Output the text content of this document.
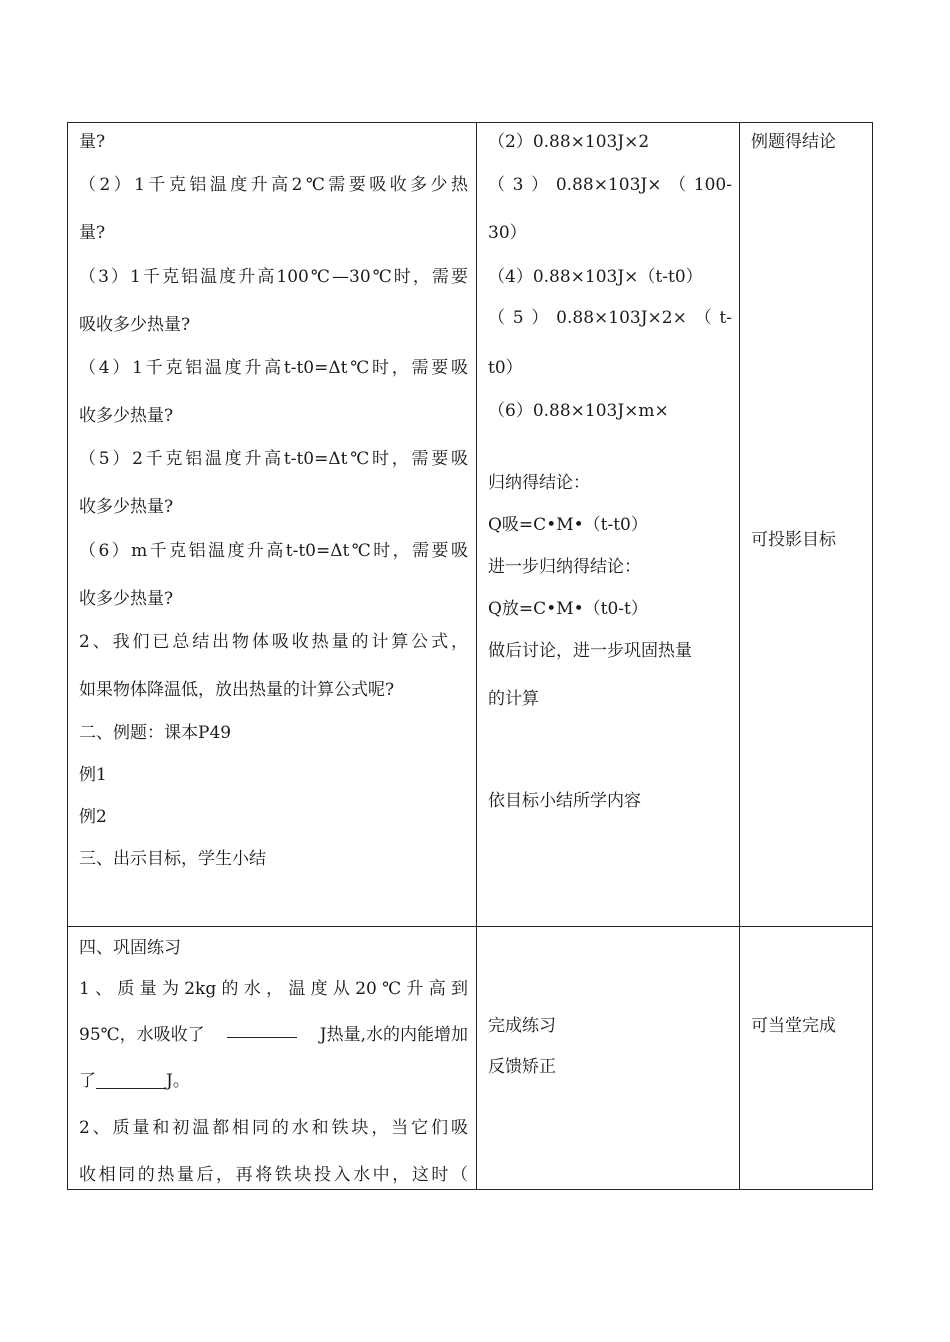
量?
（2）1千克铝温度升高2℃需要吸收多少热
量?
（3）1千克铝温度升高100℃—30℃时，需要
吸收多少热量?
（4）1千克铝温度升高t-t0=Δt℃时，需要吸
收多少热量?
（5）2千克铝温度升高t-t0=Δt℃时，需要吸
收多少热量?
（6）m千克铝温度升高t-t0=Δt℃时，需要吸
收多少热量?
2、我们已总结出物体吸收热量的计算公式，
如果物体降温低，放出热量的计算公式呢?
二、例题：课本P49
例1
例2
三、出示目标，学生小结
（2）0.88×103J×2
（3）0.88×103J×（100-
30）
（4）0.88×103J×（t-t0）
（5）0.88×103J×2×（t-
t0）
（6）0.88×103J×m×
归纳得结论：
Q吸=C•M•（t-t0）
进一步归纳得结论：
Q放=C•M•（t0-t）
做后讨论，进一步巩固热量
的计算
依目标小结所学内容
例题得结论
可投影目标
四、巩固练习
1、质量为2kg的水，温度从20℃升高到
95℃，水吸收了	J热量,水的内能增加
了	J。
2、质量和初温都相同的水和铁块，当它们吸
收相同的热量后，再将铁块投入水中，这时（
完成练习
反馈矫正
可当堂完成
